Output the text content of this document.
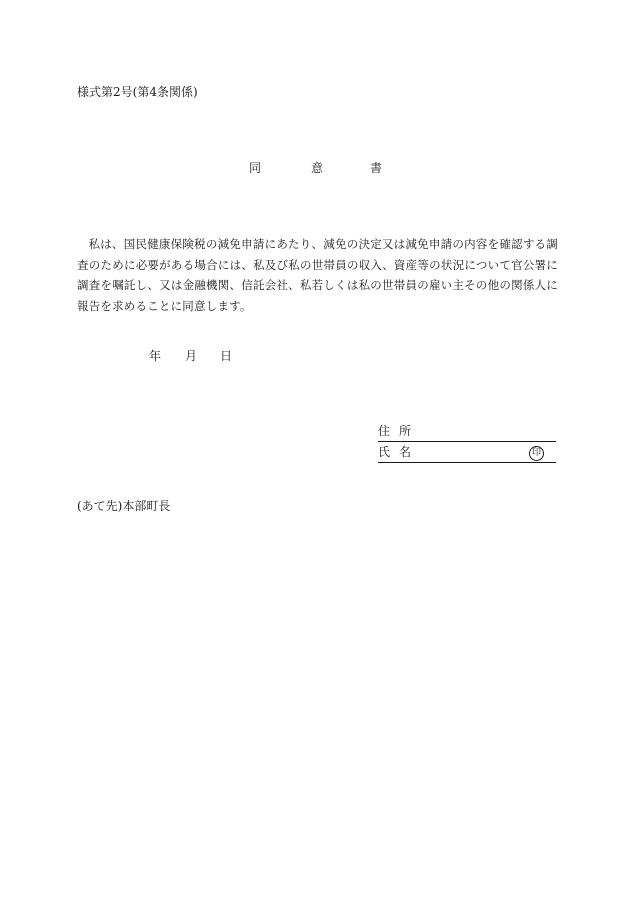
様式第2号(第4条関係)
同	意	書
私は、国民健康保険税の減免申請にあたり、減免の決定又は減免申請の内容を確認する調査のために必要がある場合には、私及び私の世帯員の収入、資産等の状況について官公署に調査を嘱託し、又は金融機関、信託会社、私若しくは私の世帯員の雇い主その他の関係人に報告を求めることに同意します。
年 月 日
住所
氏名	印
(あて先)本部町長
